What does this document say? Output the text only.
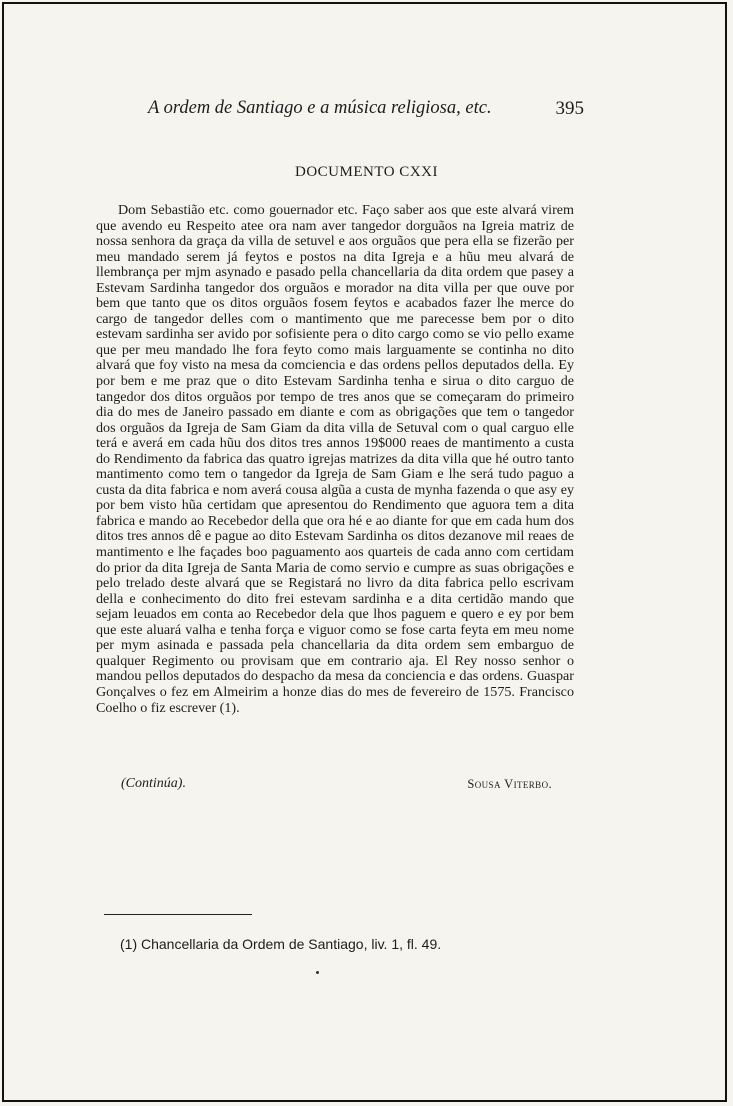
A ordem de Santiago e a música religiosa, etc.	395
DOCUMENTO CXXI
Dom Sebastião etc. como gouernador etc. Faço saber aos que este alvará virem que avendo eu Respeito atee ora nam aver tangedor dorguãos na Igreia matriz de nossa senhora da graça da villa de setuvel e aos orguãos que pera ella se fizerão per meu mandado serem já feytos e postos na dita Igreja e a hũu meu alvará de llembrança per mjm asynado e pasado pella chancellaria da dita ordem que pasey a Estevam Sardinha tangedor dos orguãos e morador na dita villa per que ouve por bem que tanto que os ditos orguãos fosem feytos e acabados fazer lhe merce do cargo de tangedor delles com o mantimento que me parecesse bem por o dito estevam sardinha ser avido por sofisiente pera o dito cargo como se vio pello exame que per meu mandado lhe fora feyto como mais larguamente se continha no dito alvará que foy visto na mesa da comciencia e das ordens pellos deputados della. Ey por bem e me praz que o dito Estevam Sardinha tenha e sirua o dito carguo de tangedor dos ditos orguãos por tempo de tres anos que se começaram do primeiro dia do mes de Janeiro passado em diante e com as obrigações que tem o tangedor dos orguãos da Igreja de Sam Giam da dita villa de Setuval com o qual carguo elle terá e averá em cada hũu dos ditos tres annos 19$000 reaes de mantimento a custa do Rendimento da fabrica das quatro igrejas matrizes da dita villa que hé outro tanto mantimento como tem o tangedor da Igreja de Sam Giam e lhe será tudo paguo a custa da dita fabrica e nom averá cousa algũa a custa de mynha fazenda o que asy ey por bem visto hũa certidam que apresentou do Rendimento que aguora tem a dita fabrica e mando ao Recebedor della que ora hé e ao diante for que em cada hum dos ditos tres annos dê e pague ao dito Estevam Sardinha os ditos dezanove mil reaes de mantimento e lhe façades boo paguamento aos quarteis de cada anno com certidam do prior da dita Igreja de Santa Maria de como servio e cumpre as suas obrigações e pelo trelado deste alvará que se Registará no livro da dita fabrica pello escrivam della e conhecimento do dito frei estevam sardinha e a dita certidão mando que sejam leuados em conta ao Recebedor dela que lhos paguem e quero e ey por bem que este aluará valha e tenha força e viguor como se fose carta feyta em meu nome per mym asinada e passada pela chancellaria da dita ordem sem embarguo de qualquer Regimento ou provisam que em contrario aja. El Rey nosso senhor o mandou pellos deputados do despacho da mesa da conciencia e das ordens. Guaspar Gonçalves o fez em Almeirim a honze dias do mes de fevereiro de 1575. Francisco Coelho o fiz escrever (1).
(Continúa).	Sousa Viterbo.
(1) Chancellaria da Ordem de Santiago, liv. 1, fl. 49.
